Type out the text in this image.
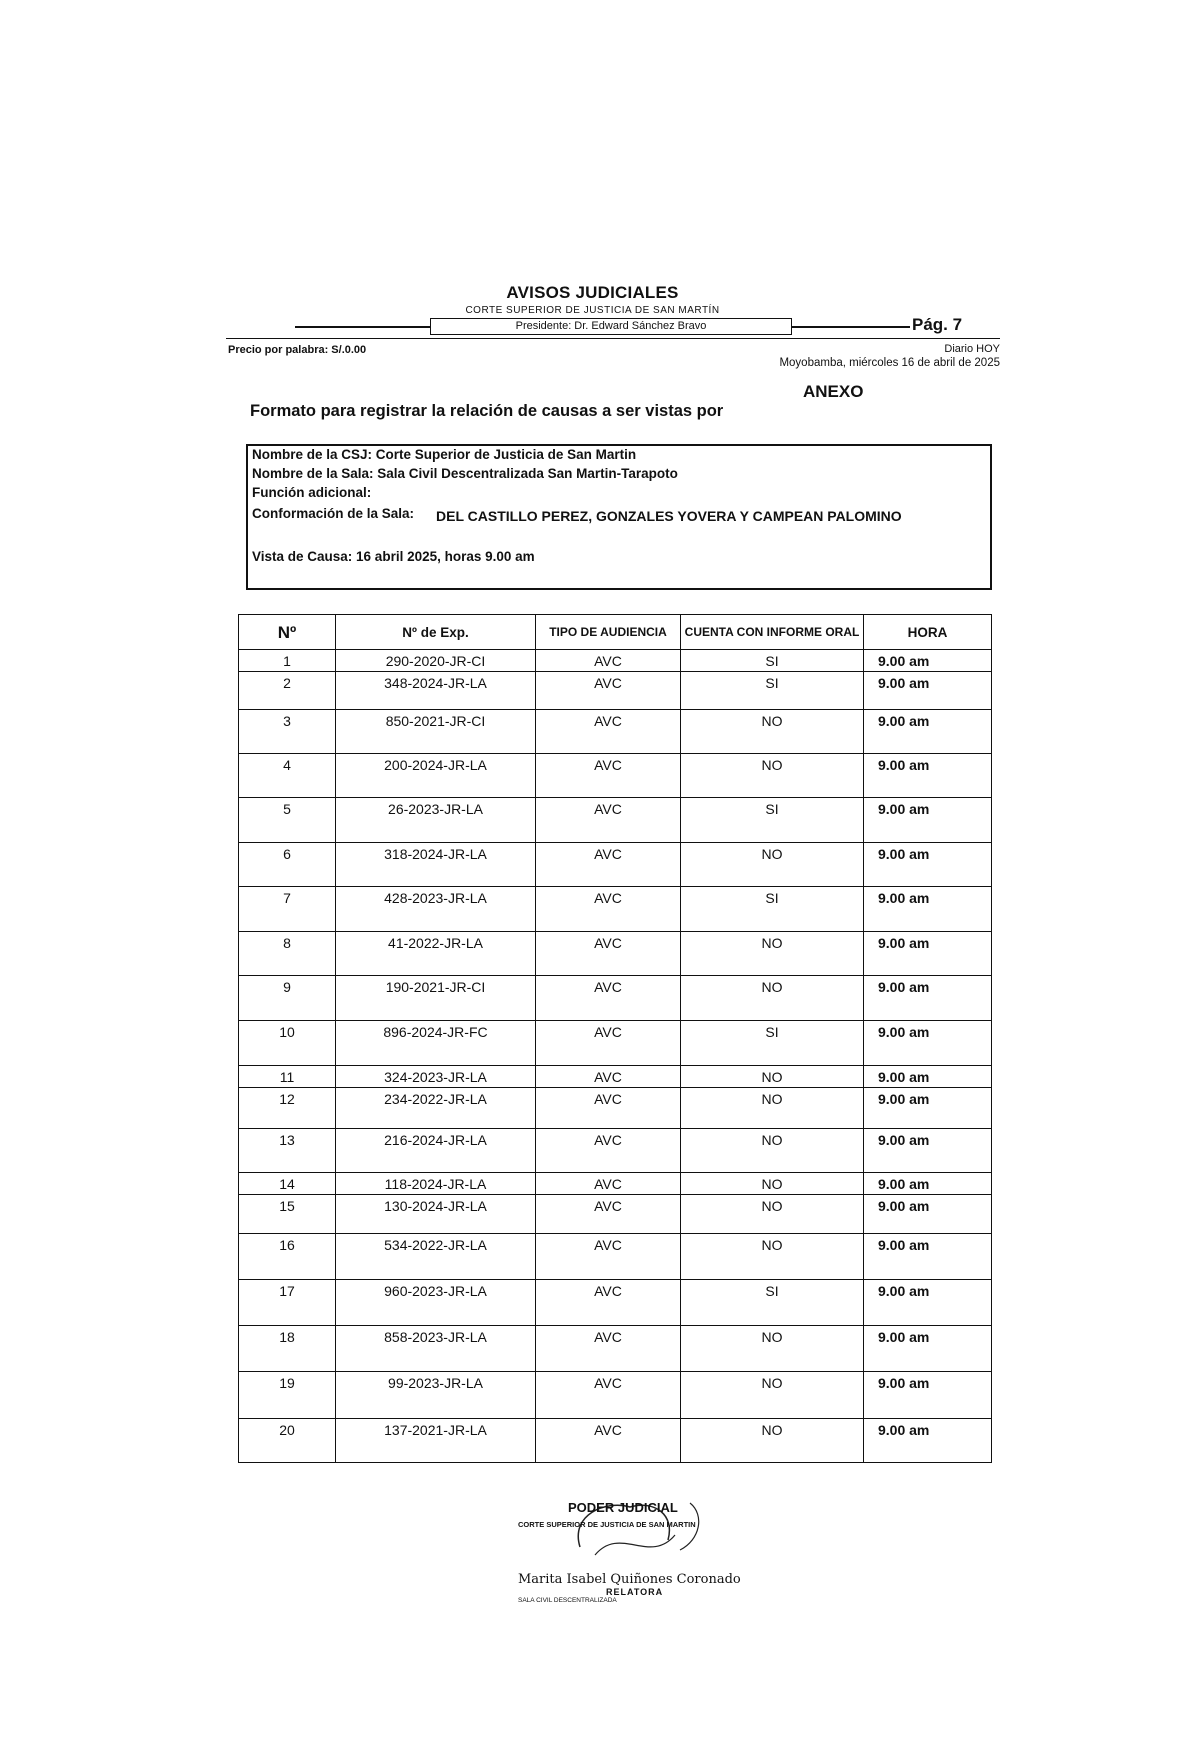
AVISOS JUDICIALES
CORTE SUPERIOR DE JUSTICIA DE SAN MARTÍN
Presidente: Dr. Edward Sánchez Bravo	Pág. 7
Precio por palabra: S/.0.00	Diario HOY
Moyobamba, miércoles 16 de abril de 2025
ANEXO
Formato para registrar la relación de causas a ser vistas por
Nombre de la CSJ: Corte Superior de Justicia de San Martin
Nombre de la Sala: Sala Civil Descentralizada San Martin-Tarapoto
Función adicional:
Conformación de la Sala: DEL CASTILLO PEREZ, GONZALES YOVERA Y CAMPEAN PALOMINO
Vista de Causa: 16 abril 2025, horas 9.00 am
Nº	Nº de Exp.	TIPO DE AUDIENCIA	CUENTA CON INFORME ORAL	HORA

1	290-2020-JR-CI	AVC	SI	9.00 am

2	348-2024-JR-LA	AVC	SI	9.00 am

3	850-2021-JR-CI	AVC	NO	9.00 am

4	200-2024-JR-LA	AVC	NO	9.00 am

5	26-2023-JR-LA	AVC	SI	9.00 am

6	318-2024-JR-LA	AVC	NO	9.00 am

7	428-2023-JR-LA	AVC	SI	9.00 am

8	41-2022-JR-LA	AVC	NO	9.00 am

9	190-2021-JR-CI	AVC	NO	9.00 am

10	896-2024-JR-FC	AVC	SI	9.00 am

11	324-2023-JR-LA	AVC	NO	9.00 am

12	234-2022-JR-LA	AVC	NO	9.00 am

13	216-2024-JR-LA	AVC	NO	9.00 am

14	118-2024-JR-LA	AVC	NO	9.00 am

15	130-2024-JR-LA	AVC	NO	9.00 am

16	534-2022-JR-LA	AVC	NO	9.00 am

17	960-2023-JR-LA	AVC	SI	9.00 am

18	858-2023-JR-LA	AVC	NO	9.00 am

19	99-2023-JR-LA	AVC	NO	9.00 am

20	137-2021-JR-LA	AVC	NO	9.00 am
PODER JUDICIAL
CORTE SUPERIOR DE JUSTICIA DE SAN MARTIN
Marita Isabel Quiñones Coronado
RELATORA
SALA CIVIL DESCENTRALIZADA
